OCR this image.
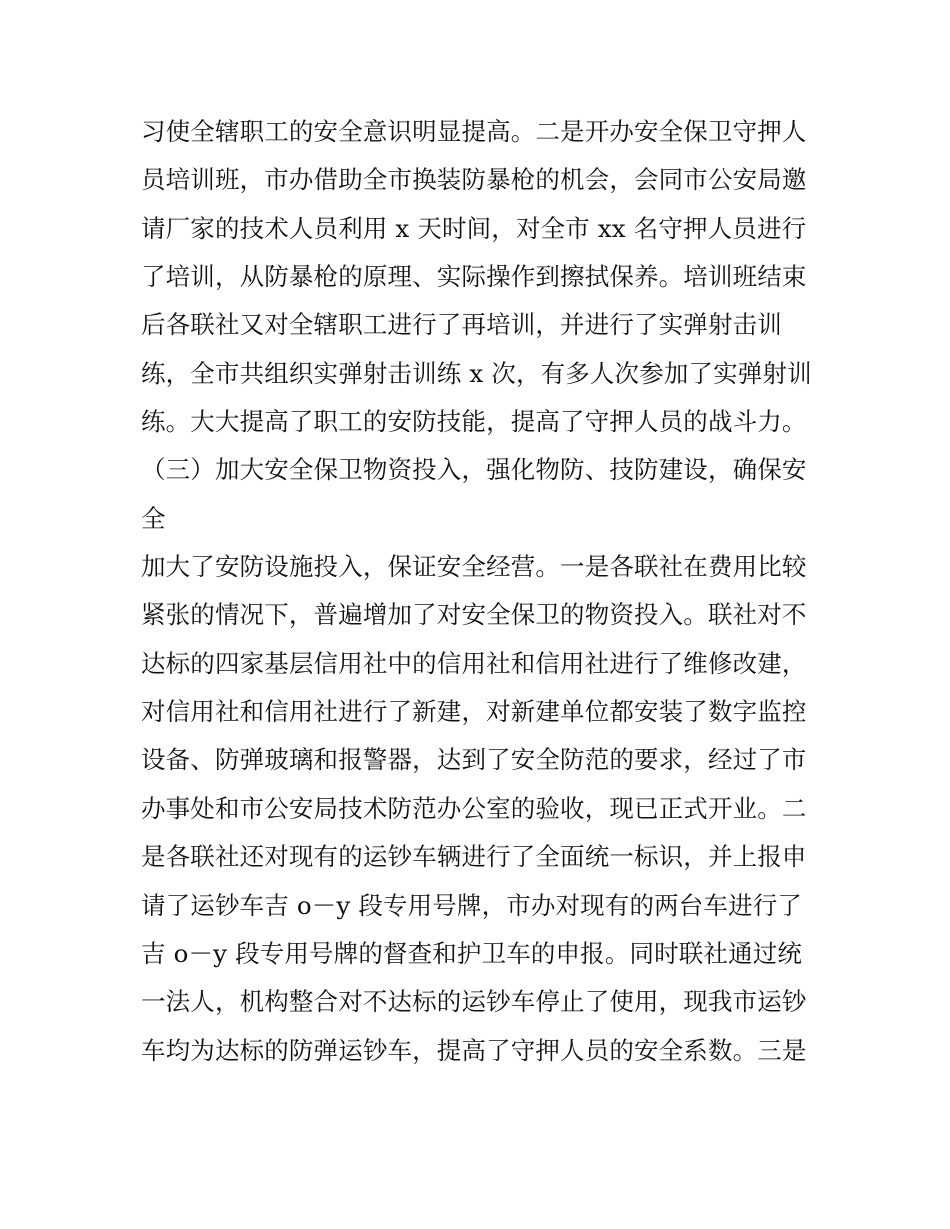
习使全辖职工的安全意识明显提高。二是开办安全保卫守押人
员培训班，市办借助全市换装防暴枪的机会，会同市公安局邀
请厂家的技术人员利用 x 天时间，对全市 xx 名守押人员进行
了培训，从防暴枪的原理、实际操作到擦拭保养。培训班结束
后各联社又对全辖职工进行了再培训，并进行了实弹射击训
练，全市共组织实弹射击训练 x 次，有多人次参加了实弹射训
练。大大提高了职工的安防技能，提高了守押人员的战斗力。
（三）加大安全保卫物资投入，强化物防、技防建设，确保安
全
加大了安防设施投入，保证安全经营。一是各联社在费用比较
紧张的情况下，普遍增加了对安全保卫的物资投入。联社对不
达标的四家基层信用社中的信用社和信用社进行了维修改建，
对信用社和信用社进行了新建，对新建单位都安装了数字监控
设备、防弹玻璃和报警器，达到了安全防范的要求，经过了市
办事处和市公安局技术防范办公室的验收，现已正式开业。二
是各联社还对现有的运钞车辆进行了全面统一标识，并上报申
请了运钞车吉 o－y 段专用号牌，市办对现有的两台车进行了
吉 o－y 段专用号牌的督查和护卫车的申报。同时联社通过统
一法人，机构整合对不达标的运钞车停止了使用，现我市运钞
车均为达标的防弹运钞车，提高了守押人员的安全系数。三是
